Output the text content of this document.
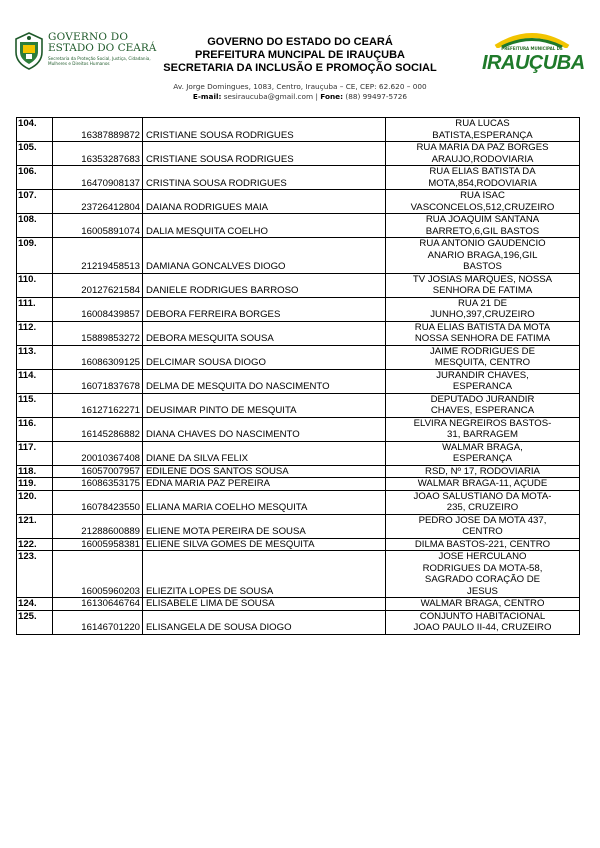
GOVERNO DO
ESTADO DO CEARÁ
Secretaria da Proteção Social, Justiça, Cidadania, Mulheres e Direitos Humanos
GOVERNO DO ESTADO DO CEARÁ
PREFEITURA MUNCIPAL DE IRAUÇUBA
SECRETARIA DA INCLUSÃO E PROMOÇÃO SOCIAL
Av. Jorge Domingues, 1083, Centro, Irauçuba – CE, CEP: 62.620 – 000
E-mail: sesiraucuba@gmail.com | Fone: (88) 99497-5726
PREFEITURA MUNICIPAL DE
IRAUÇUBA
104.	16387889872	CRISTIANE SOUSA RODRIGUES	RUA LUCAS
BATISTA,ESPERANÇA

105.	16353287683	CRISTIANE SOUSA RODRIGUES	RUA MARIA DA PAZ BORGES
ARAUJO,RODOVIARIA

106.	16470908137	CRISTINA SOUSA RODRIGUES	RUA ELIAS BATISTA DA
MOTA,854,RODOVIARIA

107.	23726412804	DAIANA RODRIGUES MAIA	RUA ISAC
VASCONCELOS,512,CRUZEIRO

108.	16005891074	DALIA MESQUITA COELHO	RUA JOAQUIM SANTANA
BARRETO,6,GIL BASTOS

109.	21219458513	DAMIANA GONCALVES DIOGO	RUA ANTONIO GAUDENCIO
ANARIO BRAGA,196,GIL
BASTOS

110.	20127621584	DANIELE RODRIGUES BARROSO	TV JOSIAS MARQUES, NOSSA
SENHORA DE FATIMA

111.	16008439857	DEBORA FERREIRA BORGES	RUA 21 DE
JUNHO,397,CRUZEIRO

112.	15889853272	DEBORA MESQUITA SOUSA	RUA ELIAS BATISTA DA MOTA
NOSSA SENHORA DE FATIMA

113.	16086309125	DELCIMAR SOUSA DIOGO	JAIME RODRIGUES DE
MESQUITA, CENTRO

114.	16071837678	DELMA DE MESQUITA DO NASCIMENTO	JURANDIR CHAVES,
ESPERANCA

115.	16127162271	DEUSIMAR PINTO DE MESQUITA	DEPUTADO JURANDIR
CHAVES, ESPERANCA

116.	16145286882	DIANA CHAVES DO NASCIMENTO	ELVIRA NEGREIROS BASTOS-
31, BARRAGEM

117.	20010367408	DIANE DA SILVA FELIX	WALMAR BRAGA,
ESPERANÇA

118.	16057007957	EDILENE DOS SANTOS SOUSA	RSD, Nº 17, RODOVIARIA

119.	16086353175	EDNA MARIA PAZ PEREIRA	WALMAR BRAGA-11, AÇUDE

120.	16078423550	ELIANA MARIA COELHO MESQUITA	JOAO SALUSTIANO DA MOTA-
235, CRUZEIRO

121.	21288600889	ELIENE MOTA PEREIRA DE SOUSA	PEDRO JOSE DA MOTA 437,
CENTRO

122.	16005958381	ELIENE SILVA GOMES DE MESQUITA	DILMA BASTOS-221, CENTRO

123.	16005960203	ELIEZITA LOPES DE SOUSA	JOSE HERCULANO
RODRIGUES DA MOTA-58,
SAGRADO CORAÇÃO DE
JESUS

124.	16130646764	ELISABELE LIMA DE SOUSA	WALMAR BRAGA, CENTRO

125.	16146701220	ELISANGELA DE SOUSA DIOGO	CONJUNTO HABITACIONAL
JOAO PAULO II-44, CRUZEIRO
